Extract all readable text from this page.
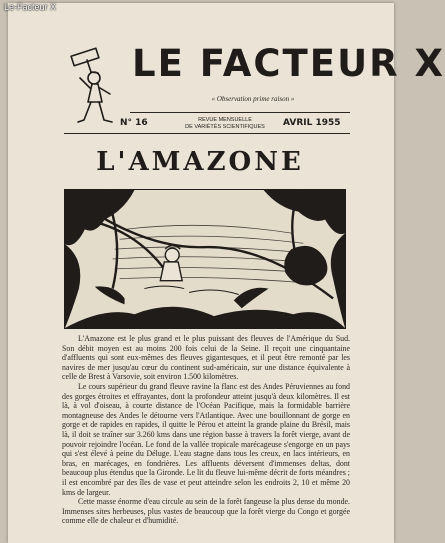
Le-Facteur X
LE FACTEUR X
« Observation prime raison »
N° 16	REVUE MENSUELLE
DE VARIÉTÉS SCIENTIFIQUES	AVRIL 1955
L'AMAZONE

L'Amazone est le plus grand et le plus puissant des fleuves de l'Amérique du Sud. Son débit moyen est au moins 200 fois celui de la Seine. Il reçoit une cinquantaine d'affluents qui sont eux-mêmes des fleuves gigantesques, et il peut être remonté par les navires de mer jusqu'au cœur du continent sud-américain, sur une distance équivalente à celle de Brest à Varsovie, soit environ 1.500 kilomètres.

Le cours supérieur du grand fleuve ravine la flanc est des Andes Péruviennes au fond des gorges étroites et effrayantes, dont la profondeur atteint jusqu'à deux kilomètres. Il est là, à vol d'oiseau, à courte distance de l'Océan Pacifique, mais la formidable barrière montagneuse des Andes le détourne vers l'Atlantique. Avec une bouillonnant de gorge en gorge et de rapides en rapides, il quitte le Pérou et atteint la grande plaine du Brésil, mais là, il doit se traîner sur 3.260 kms dans une région basse à travers la forêt vierge, avant de pouvoir rejoindre l'océan. Le fond de la vallée tropicale marécageuse s'engorge en un pays qui s'est élevé à peine du Déluge. L'eau stagne dans tous les creux, en lacs intérieurs, en bras, en marécages, en fondrières. Les affluents déversent d'immenses deltas, dont beaucoup plus étendus que la Gironde. Le lit du fleuve lui-même décrit de forts méandres ; il est encombré par des îles de vase et peut atteindre selon les endroits 2, 10 et même 20 kms de largeur.

Cette masse énorme d'eau circule au sein de la forêt fangeuse la plus dense du monde. Immenses sites herbeuses, plus vastes de beaucoup que la forêt vierge du Congo et gorgée comme elle de chaleur et d'humidité.
